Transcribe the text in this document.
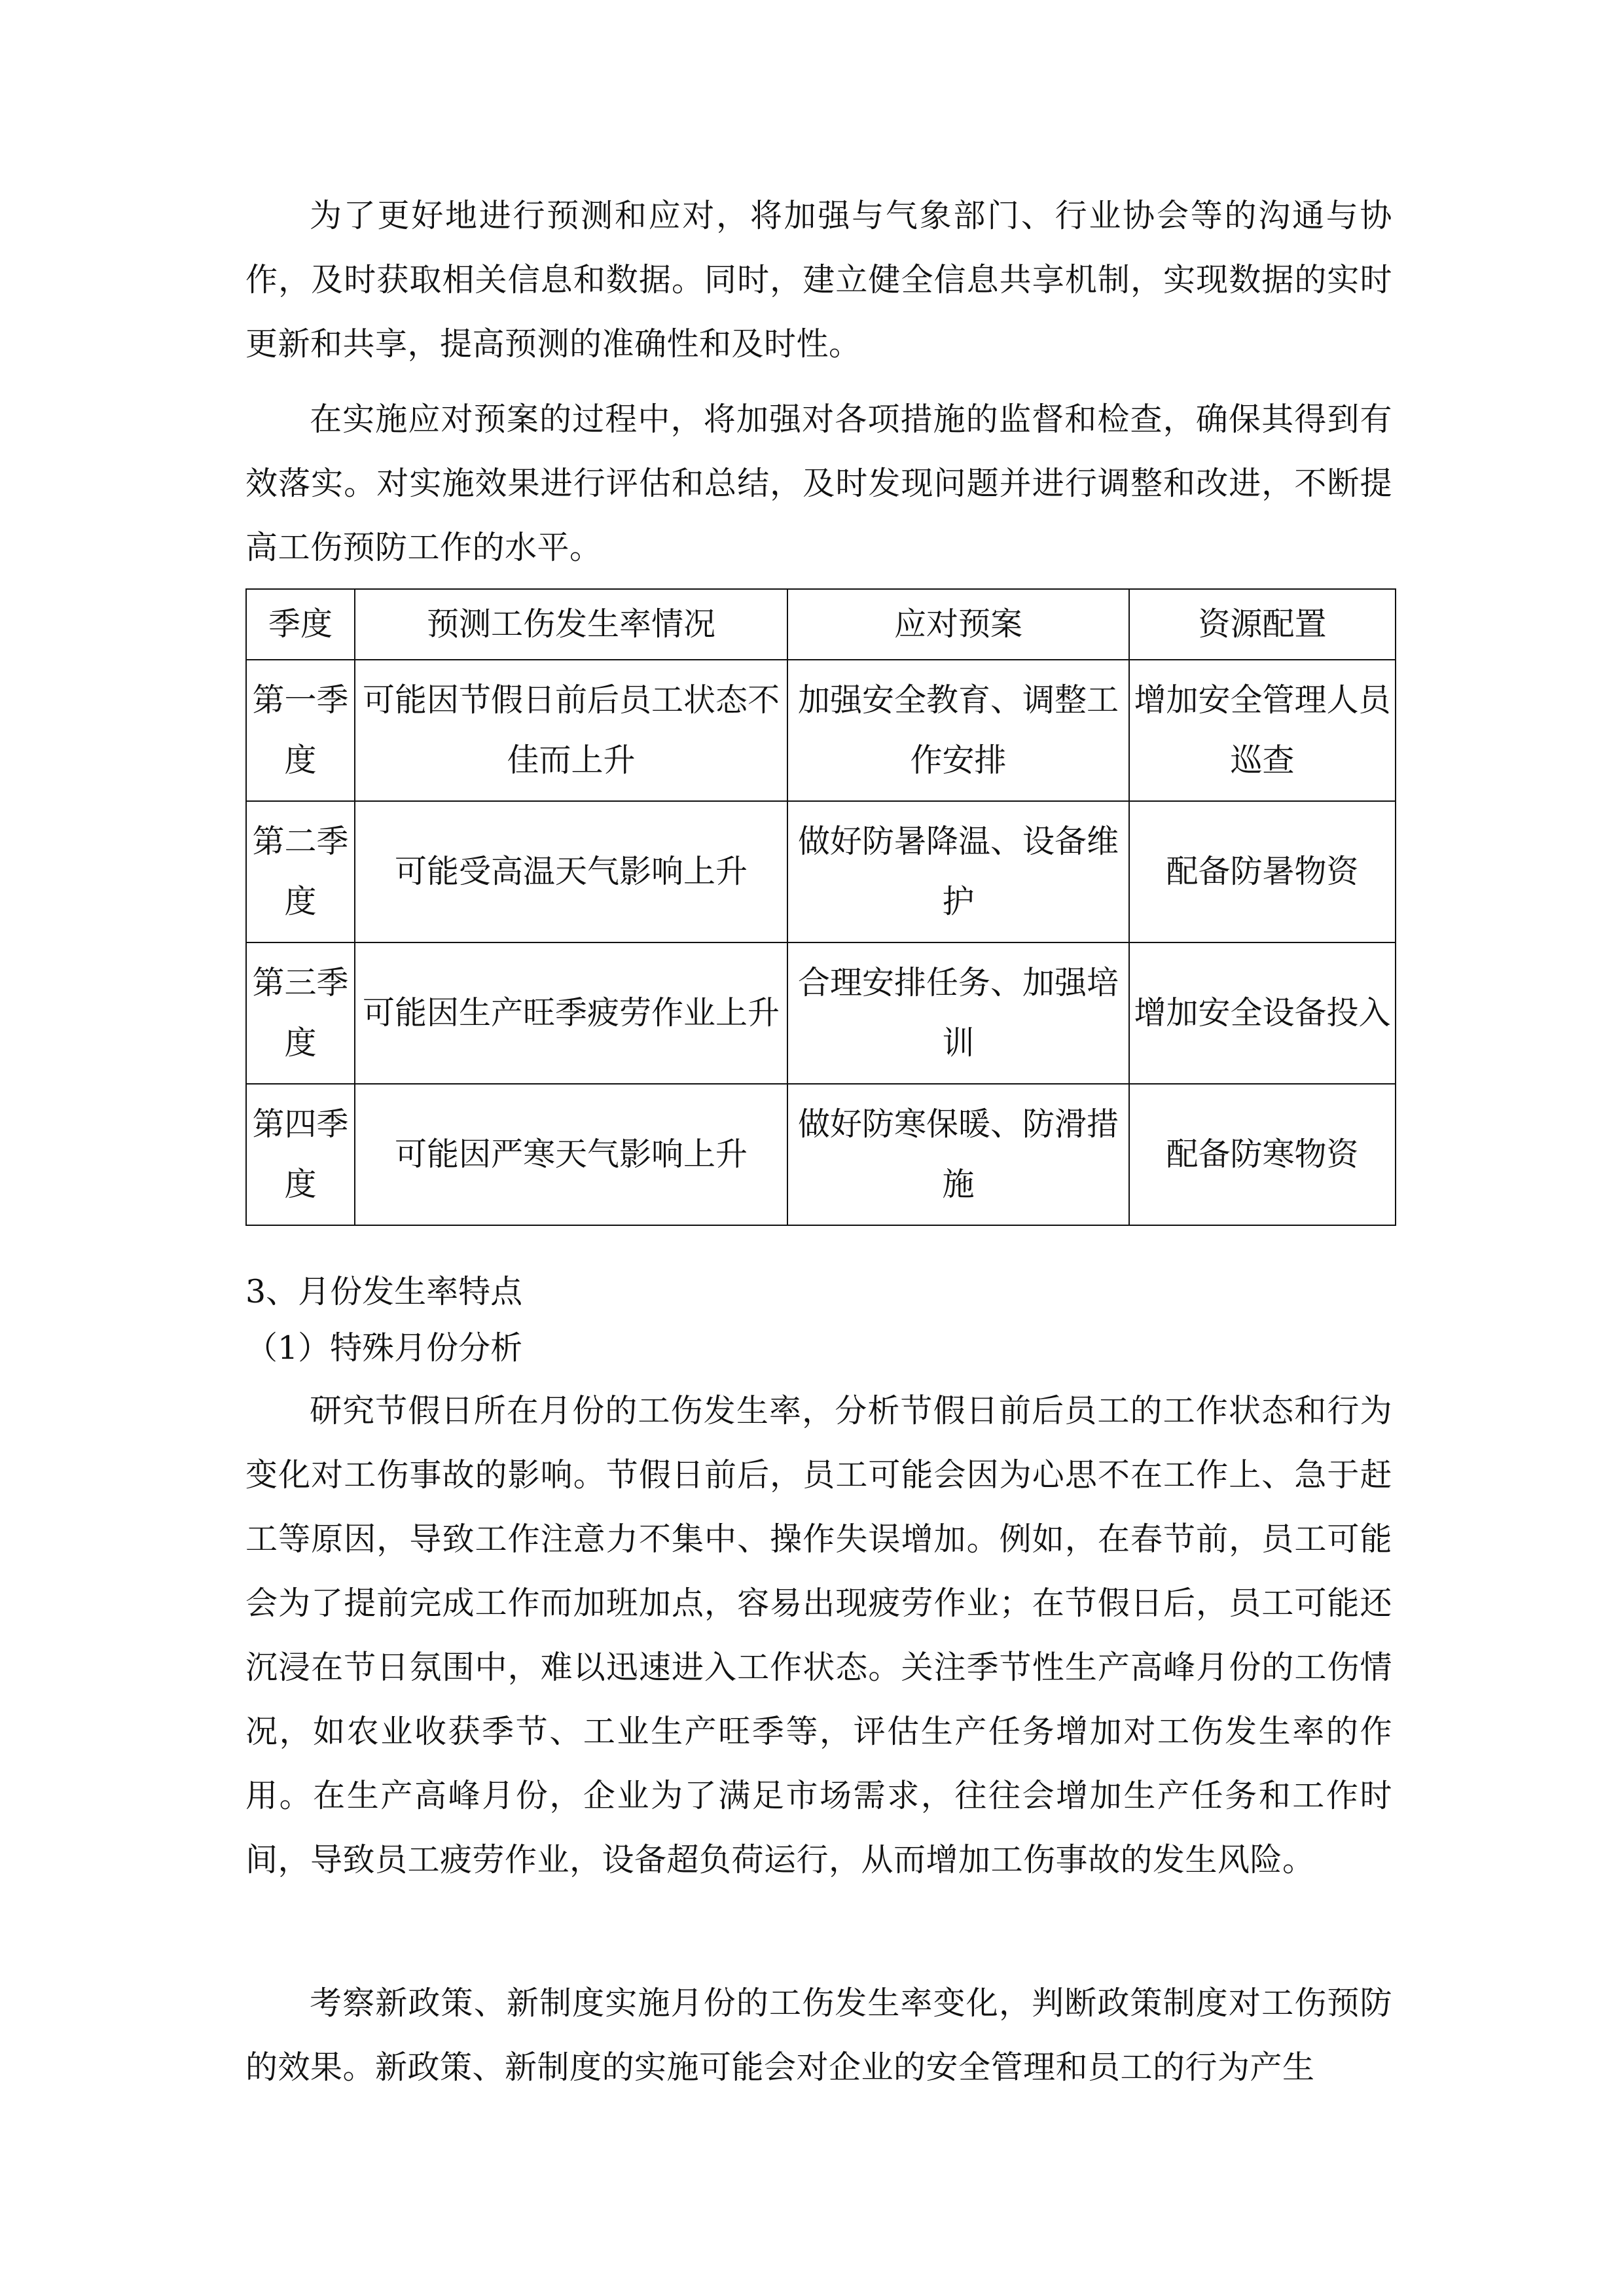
为了更好地进行预测和应对，将加强与气象部门、行业协会等的沟通与协作，及时获取相关信息和数据。同时，建立健全信息共享机制，实现数据的实时更新和共享，提高预测的准确性和及时性。

在实施应对预案的过程中，将加强对各项措施的监督和检查，确保其得到有效落实。对实施效果进行评估和总结，及时发现问题并进行调整和改进，不断提高工伤预防工作的水平。

季度	预测工伤发生率情况	应对预案	资源配置
第一季度	可能因节假日前后员工状态不佳而上升	加强安全教育、调整工作安排	增加安全管理人员巡查
第二季度	可能受高温天气影响上升	做好防暑降温、设备维护	配备防暑物资
第三季度	可能因生产旺季疲劳作业上升	合理安排任务、加强培训	增加安全设备投入
第四季度	可能因严寒天气影响上升	做好防寒保暖、防滑措施	配备防寒物资

3、月份发生率特点

（1）特殊月份分析

研究节假日所在月份的工伤发生率，分析节假日前后员工的工作状态和行为变化对工伤事故的影响。节假日前后，员工可能会因为心思不在工作上、急于赶工等原因，导致工作注意力不集中、操作失误增加。例如，在春节前，员工可能会为了提前完成工作而加班加点，容易出现疲劳作业；在节假日后，员工可能还沉浸在节日氛围中，难以迅速进入工作状态。关注季节性生产高峰月份的工伤情况，如农业收获季节、工业生产旺季等，评估生产任务增加对工伤发生率的作用。在生产高峰月份，企业为了满足市场需求，往往会增加生产任务和工作时间，导致员工疲劳作业，设备超负荷运行，从而增加工伤事故的发生风险。

考察新政策、新制度实施月份的工伤发生率变化，判断政策制度对工伤预防的效果。新政策、新制度的实施可能会对企业的安全管理和员工的行为产生
